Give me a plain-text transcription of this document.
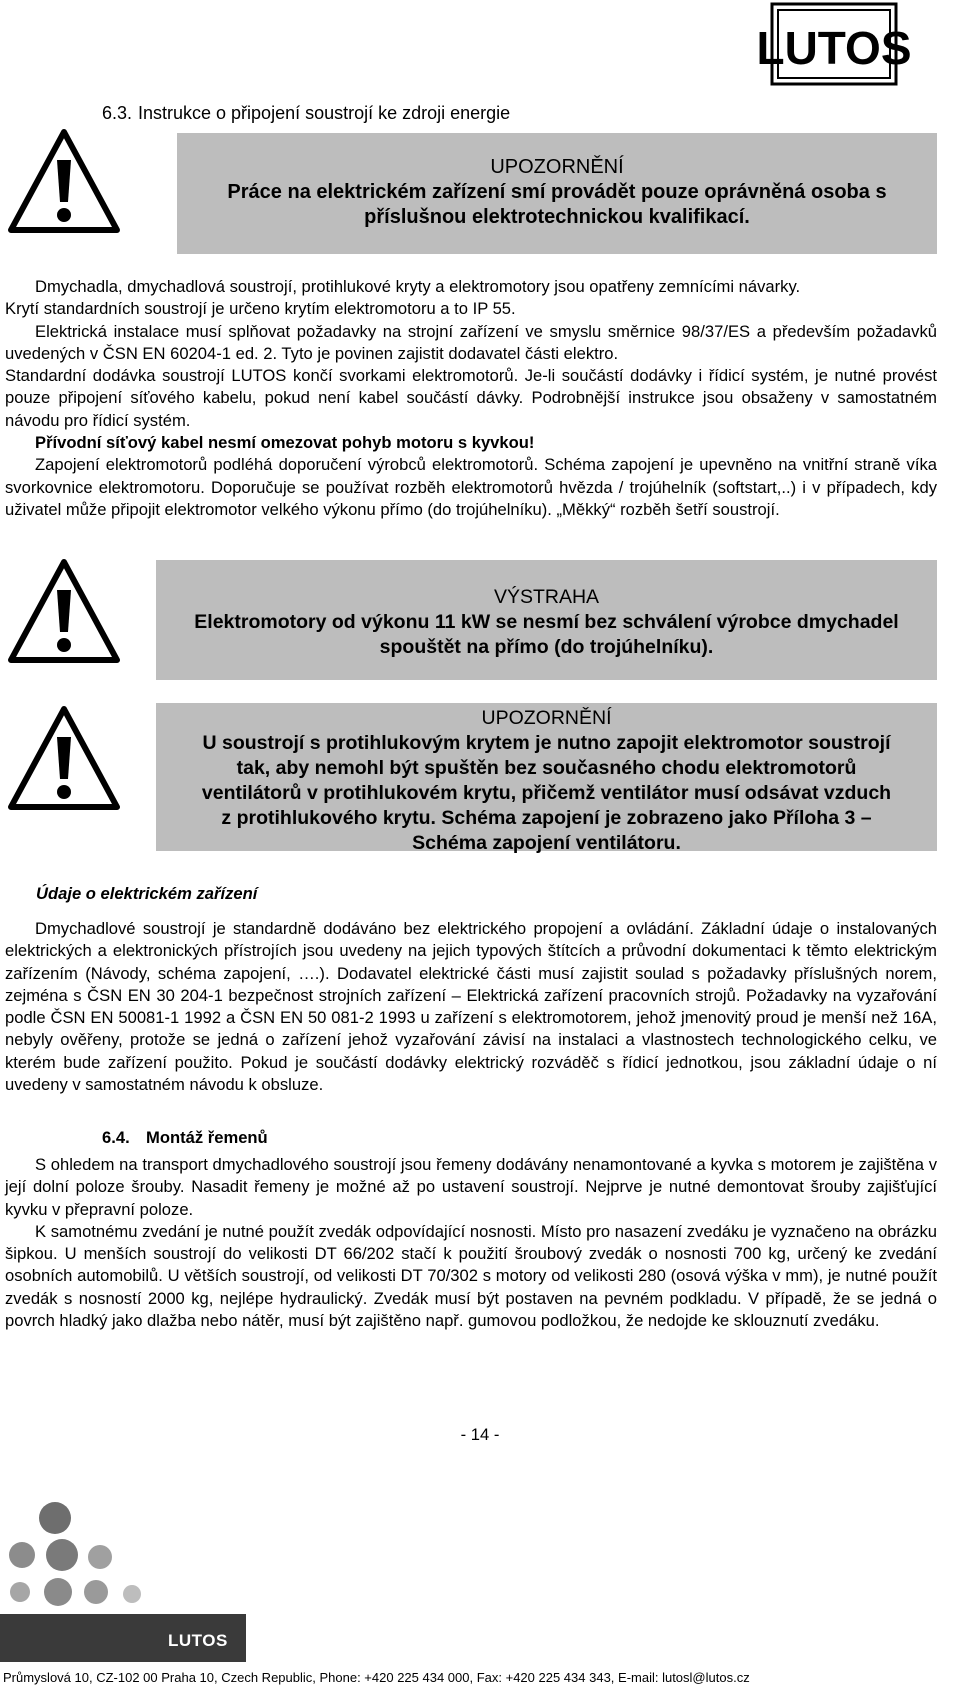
LUTOS
6.3. Instrukce o připojení soustrojí ke zdroji energie
UPOZORNĚNÍ
Práce na elektrickém zařízení smí provádět pouze oprávněná osoba s
příslušnou elektrotechnickou kvalifikací.

Dmychadla, dmychadlová soustrojí, protihlukové kryty a elektromotory jsou opatřeny zemnícími návarky.

Krytí standardních soustrojí je určeno krytím elektromotoru a to IP 55.

Elektrická instalace musí splňovat požadavky na strojní zařízení ve smyslu směrnice 98/37/ES a především požadavků uvedených v ČSN EN 60204-1 ed. 2. Tyto je povinen zajistit dodavatel části elektro.

Standardní dodávka soustrojí LUTOS končí svorkami elektromotorů. Je-li součástí dodávky i řídicí systém, je nutné provést pouze připojení síťového kabelu, pokud není kabel součástí dávky. Podrobnější instrukce jsou obsaženy v samostatném návodu pro řídicí systém.

Přívodní síťový kabel nesmí omezovat pohyb motoru s kyvkou!

Zapojení elektromotorů podléhá doporučení výrobců elektromotorů. Schéma zapojení je upevněno na vnitřní straně víka svorkovnice elektromotoru. Doporučuje se používat rozběh elektromotorů hvězda / trojúhelník (softstart,..) i v případech, kdy uživatel může připojit elektromotor velkého výkonu přímo (do trojúhelníku). „Měkký“ rozběh šetří soustrojí.

VÝSTRAHA
Elektromotory od výkonu 11 kW se nesmí bez schválení výrobce dmychadel
spouštět na přímo (do trojúhelníku).
UPOZORNĚNÍ
U soustrojí s protihlukovým krytem je nutno zapojit elektromotor soustrojí
tak, aby nemohl být spuštěn bez současného chodu elektromotorů
ventilátorů v protihlukovém krytu, přičemž ventilátor musí odsávat vzduch
z protihlukového krytu. Schéma zapojení je zobrazeno jako Příloha 3 –
Schéma zapojení ventilátoru.
Údaje o elektrickém zařízení

Dmychadlové soustrojí je standardně dodáváno bez elektrického propojení a ovládání. Základní údaje o instalovaných elektrických a elektronických přístrojích jsou uvedeny na jejich typových štítcích a průvodní dokumentaci k těmto elektrickým zařízením (Návody, schéma zapojení, ….). Dodavatel elektrické části musí zajistit soulad s požadavky příslušných norem, zejména s ČSN EN 30 204-1 bezpečnost strojních zařízení – Elektrická zařízení pracovních strojů. Požadavky na vyzařování podle ČSN EN 50081-1 1992 a ČSN EN 50 081-2 1993 u zařízení s elektromotorem, jehož jmenovitý proud je menší než 16A, nebyly ověřeny, protože se jedná o zařízení jehož vyzařování závisí na instalaci a vlastnostech technologického celku, ve kterém bude zařízení použito. Pokud je součástí dodávky elektrický rozváděč s řídicí jednotkou, jsou základní údaje o ní uvedeny v samostatném návodu k obsluze.

6.4. Montáž řemenů

S ohledem na transport dmychadlového soustrojí jsou řemeny dodávány nenamontované a kyvka s motorem je zajištěna v její dolní poloze šrouby. Nasadit řemeny je možné až po ustavení soustrojí. Nejprve je nutné demontovat šrouby zajišťující kyvku v přepravní poloze.

K samotnému zvedání je nutné použít zvedák odpovídající nosnosti. Místo pro nasazení zvedáku je vyznačeno na obrázku šipkou. U menších soustrojí do velikosti DT 66/202 stačí k použití šroubový zvedák o nosnosti 700 kg, určený ke zvedání osobních automobilů. U větších soustrojí, od velikosti DT 70/302 s motory od velikosti 280 (osová výška v mm), je nutné použít zvedák s nosností 2000 kg, nejlépe hydraulický. Zvedák musí být postaven na pevném podkladu. V případě, že se jedná o povrch hladký jako dlažba nebo nátěr, musí být zajištěno např. gumovou podložkou, že nedojde ke sklouznutí zvedáku.

- 14 -
LUTOS
Průmyslová 10, CZ-102 00 Praha 10, Czech Republic, Phone: +420 225 434 000, Fax: +420 225 434 343, E-mail: lutosl@lutos.cz
